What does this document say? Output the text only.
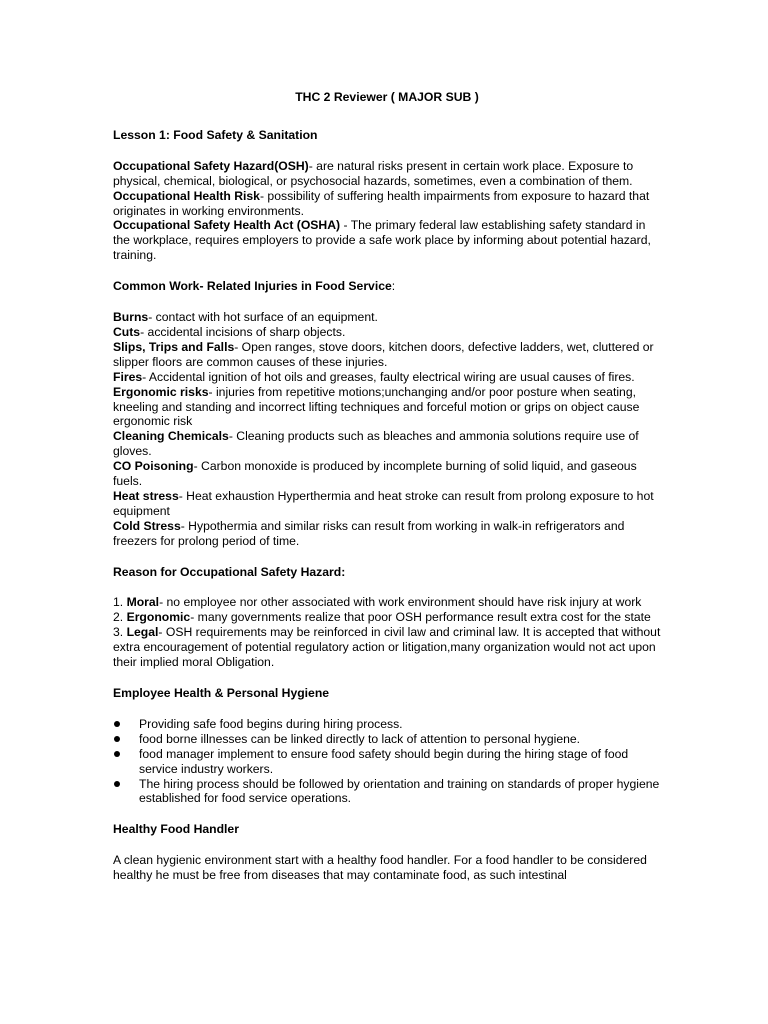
THC 2 Reviewer ( MAJOR SUB )
Lesson 1: Food Safety & Sanitation
Occupational Safety Hazard(OSH)- are natural risks present in certain work place. Exposure to physical, chemical, biological, or psychosocial hazards, sometimes, even a combination of them.
Occupational Health Risk- possibility of suffering health impairments from exposure to hazard that originates in working environments.
Occupational Safety Health Act (OSHA) - The primary federal law establishing safety standard in the workplace, requires employers to provide a safe work place by informing about potential hazard, training.
Common Work- Related Injuries in Food Service:
Burns- contact with hot surface of an equipment.
Cuts- accidental incisions of sharp objects.
Slips, Trips and Falls- Open ranges, stove doors, kitchen doors, defective ladders, wet, cluttered or slipper floors are common causes of these injuries.
Fires- Accidental ignition of hot oils and greases, faulty electrical wiring are usual causes of fires.
Ergonomic risks- injuries from repetitive motions;unchanging and/or poor posture when seating, kneeling and standing and incorrect lifting techniques and forceful motion or grips on object cause ergonomic risk
Cleaning Chemicals- Cleaning products such as bleaches and ammonia solutions require use of gloves.
CO Poisoning- Carbon monoxide is produced by incomplete burning of solid liquid, and gaseous fuels.
Heat stress- Heat exhaustion Hyperthermia and heat stroke can result from prolong exposure to hot equipment
Cold Stress- Hypothermia and similar risks can result from working in walk-in refrigerators and freezers for prolong period of time.
Reason for Occupational Safety Hazard:
1. Moral- no employee nor other associated with work environment should have risk injury at work
2. Ergonomic- many governments realize that poor OSH performance result extra cost for the state
3. Legal- OSH requirements may be reinforced in civil law and criminal law. It is accepted that without extra encouragement of potential regulatory action or litigation,many organization would not act upon their implied moral Obligation.
Employee Health & Personal Hygiene
Providing safe food begins during hiring process.
food borne illnesses can be linked directly to lack of attention to personal hygiene.
food manager implement to ensure food safety should begin during the hiring stage of food service industry workers.
The hiring process should be followed by orientation and training on standards of proper hygiene established for food service operations.
Healthy Food Handler
A clean hygienic environment start with a healthy food handler. For a food handler to be considered healthy he must be free from diseases that may contaminate food, as such intestinal
